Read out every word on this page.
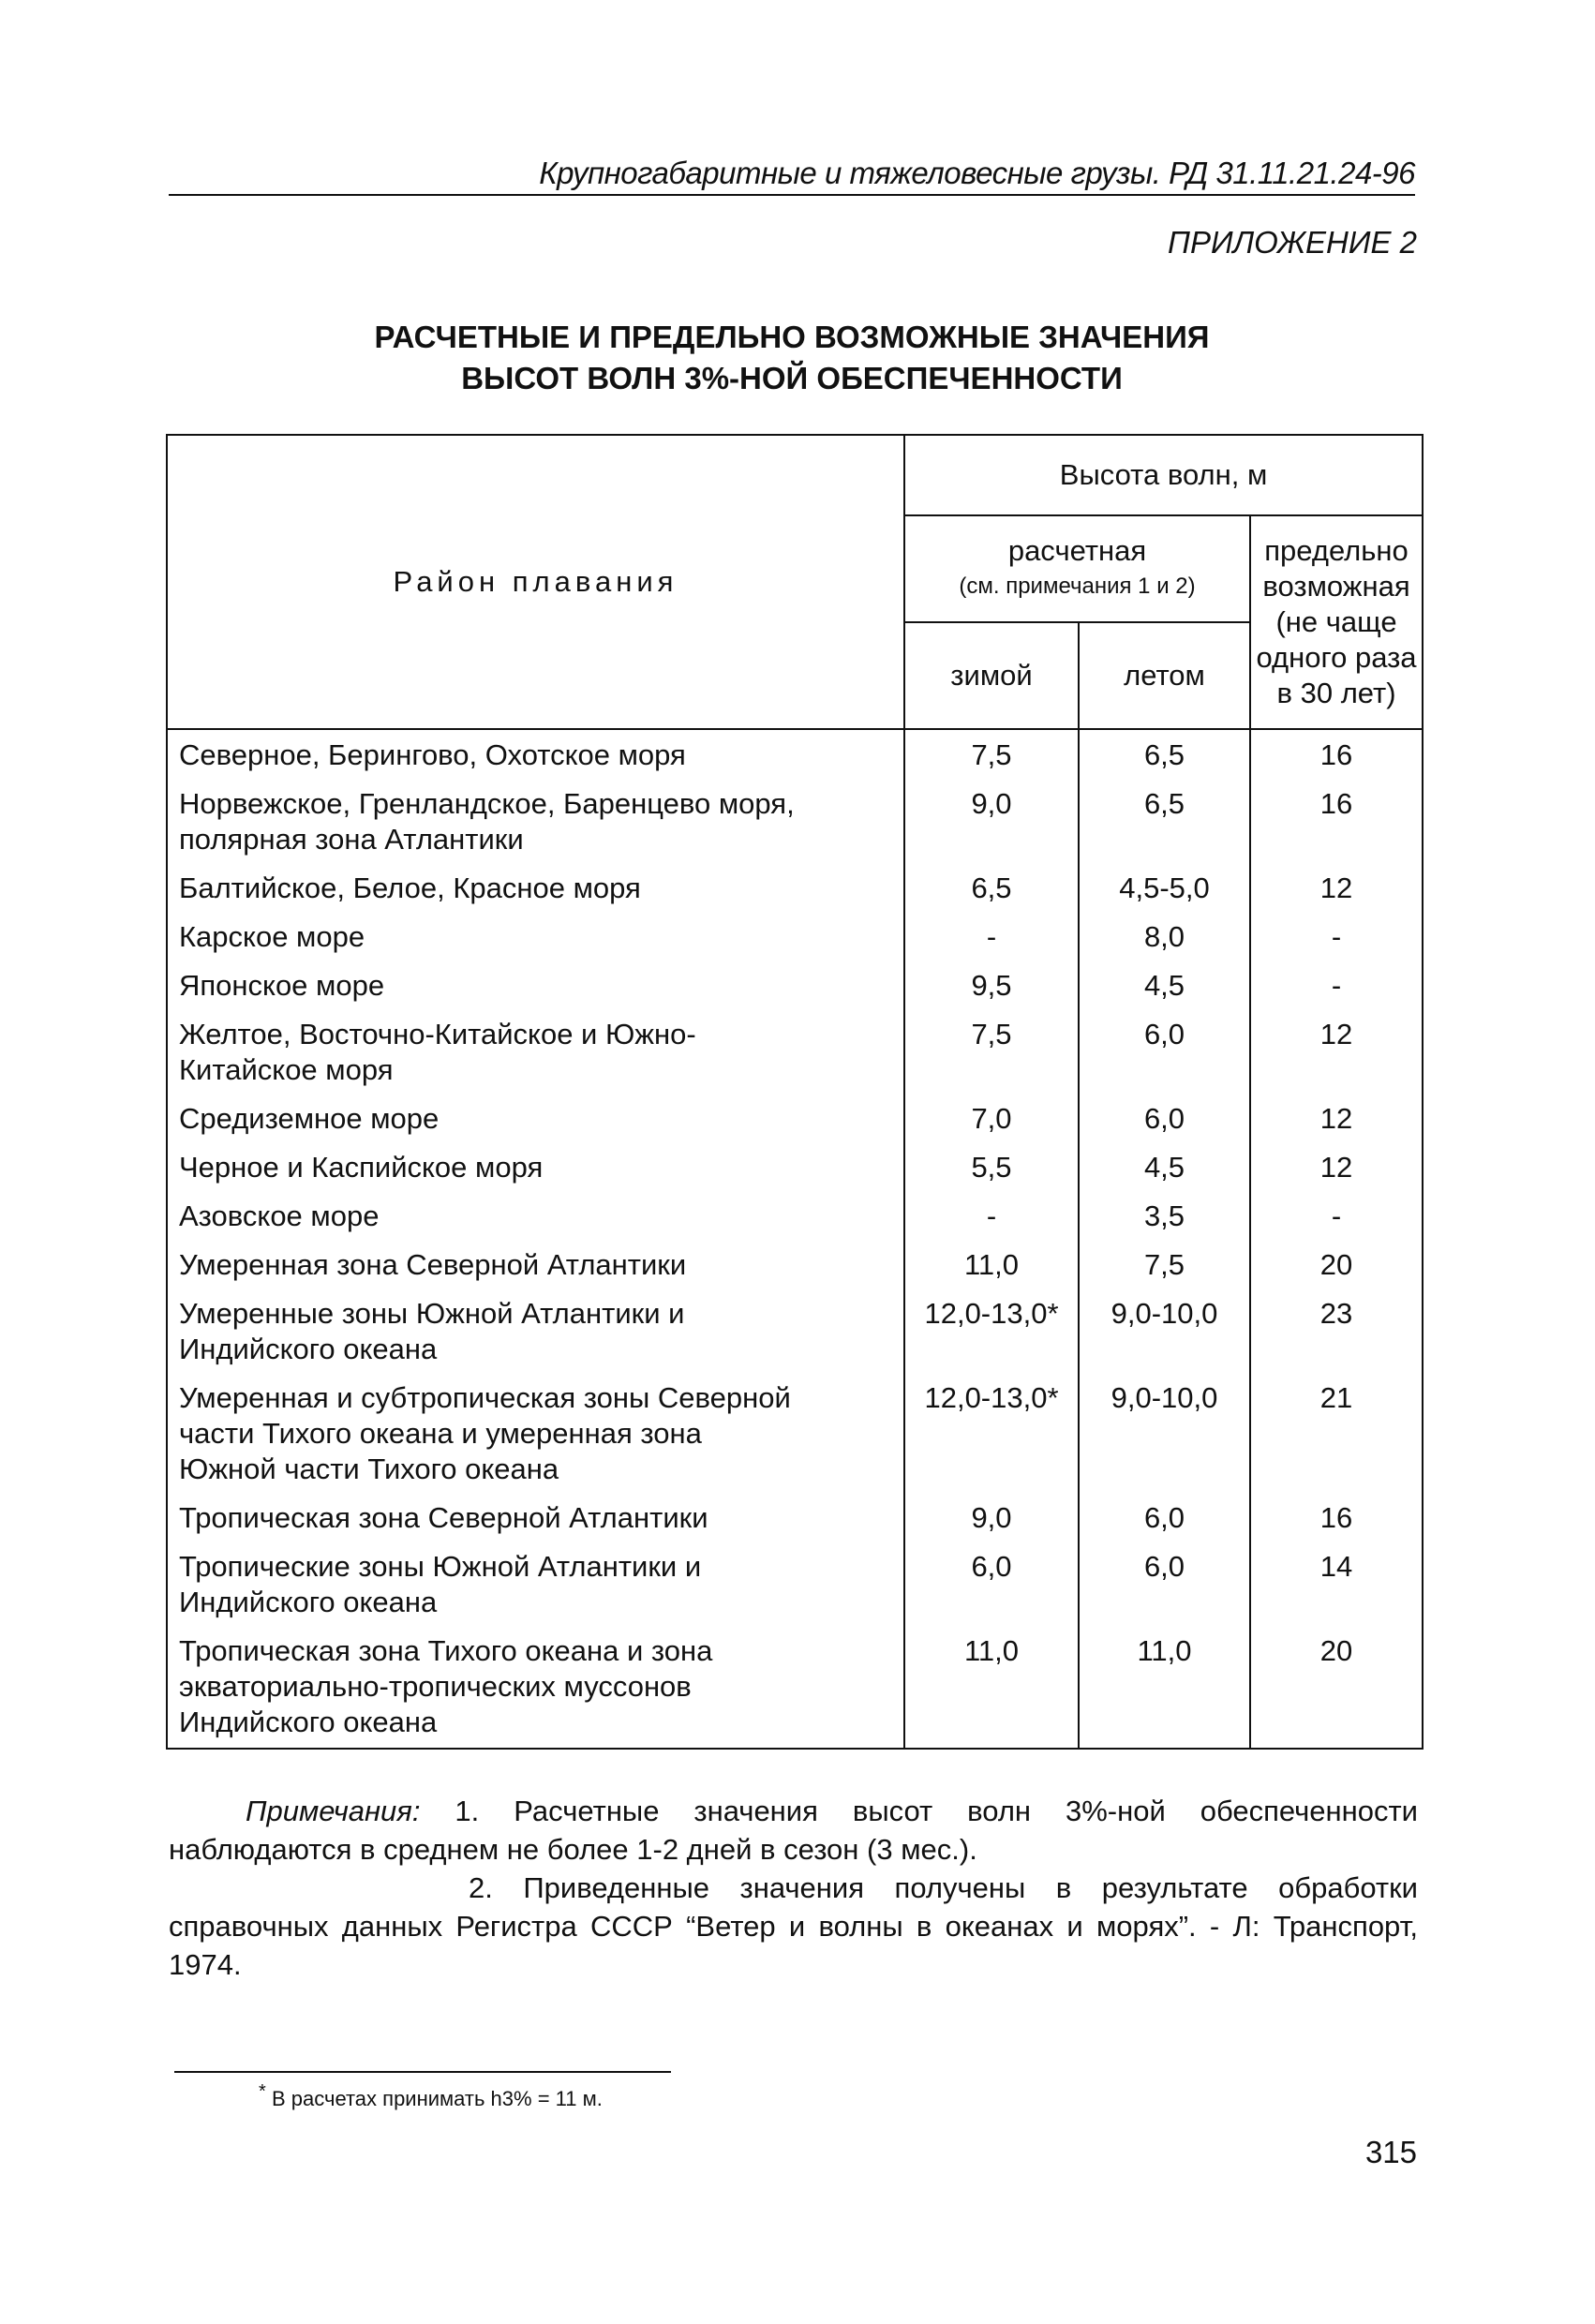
Крупногабаритные и тяжеловесные грузы. РД 31.11.21.24-96
ПРИЛОЖЕНИЕ 2
РАСЧЕТНЫЕ И ПРЕДЕЛЬНО ВОЗМОЖНЫЕ ЗНАЧЕНИЯ
ВЫСОТ ВОЛН 3%-НОЙ ОБЕСПЕЧЕННОСТИ
Район плавания	Высота волн, м		
	расчетная
(см. примечания 1 и 2)		предельно
возможная
(не чаще
одного раза
в 30 лет)

	зимой	летом	

Северное, Берингово, Охотское моря	7,5	6,5	16

Норвежское, Гренландское, Баренцево моря,
полярная зона Атлантики	9,0	6,5	16

Балтийское, Белое, Красное моря	6,5	4,5-5,0	12

Карское море	-	8,0	-

Японское море	9,5	4,5	-

Желтое, Восточно-Китайское и Южно-
Китайское моря	7,5	6,0	12

Средиземное море	7,0	6,0	12

Черное и Каспийское моря	5,5	4,5	12

Азовское море	-	3,5	-

Умеренная зона Северной Атлантики	11,0	7,5	20

Умеренные зоны Южной Атлантики и
Индийского океана	12,0-13,0*	9,0-10,0	23

Умеренная и субтропическая зоны Северной
части Тихого океана и умеренная зона
Южной части Тихого океана	12,0-13,0*	9,0-10,0	21

Тропическая зона Северной Атлантики	9,0	6,0	16

Тропические зоны Южной Атлантики и
Индийского океана	6,0	6,0	14

Тропическая зона Тихого океана и зона
экваториально-тропических муссонов
Индийского океана	11,0	11,0	20

Примечания: 1. Расчетные значения высот волн 3%-ной обеспеченности наблюдаются в среднем не более 1-2 дней в сезон (3 мес.).

2. Приведенные значения получены в результате обработки справочных данных Регистра СССР “Ветер и волны в океанах и морях”. - Л: Транспорт, 1974.

* В расчетах принимать h3% = 11 м.
315
